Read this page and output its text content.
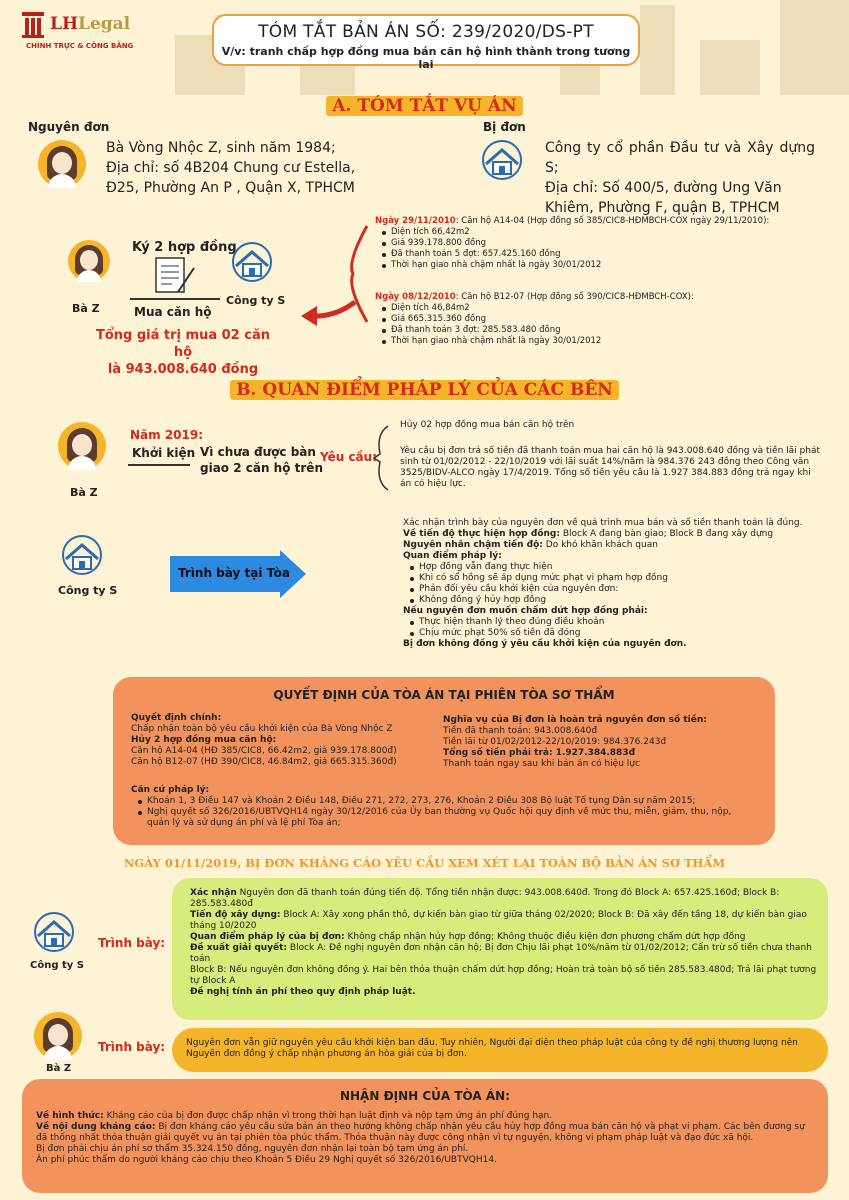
LHLegal
CHÍNH TRỰC & CÔNG BẰNG
TÓM TẮT BẢN ÁN SỐ: 239/2020/DS-PT
V/v: tranh chấp hợp đồng mua bán căn hộ hình thành trong tương lai
A. TÓM TẮT VỤ ÁN
Nguyên đơn
Bà Vòng Nhộc Z, sinh năm 1984;
Địa chỉ: số 4B204 Chung cư Estella,
Đ25, Phường An P , Quận X, TPHCM
Bị đơn
Công ty cổ phần Đầu tư và Xây dựng S;
Địa chỉ: Số 400/5, đường Ung Văn
Khiêm, Phường F, quận B, TPHCM
Ký 2 hợp đồng
Bà Z	Mua căn hộ
Công ty S
Tổng giá trị mua 02 căn hộ
là 943.008.640 đồng
Ngày 29/11/2010: Căn hộ A14-04 (Hợp đồng số 385/CIC8-HĐMBCH-COX ngày 29/11/2010):
Diện tích 66,42m2
Giá 939.178.800 đồng
Đã thanh toán 5 đợt: 657.425.160 đồng
Thời hạn giao nhà chậm nhất là ngày 30/01/2012
Ngày 08/12/2010: Căn hộ B12-07 (Hợp đồng số 390/CIC8-HĐMBCH-COX):
Diện tích 46,84m2
Giá 665.315.360 đồng
Đã thanh toán 3 đợt: 285.583.480 đồng
Thời hạn giao nhà chậm nhất là ngày 30/01/2012
B. QUAN ĐIỂM PHÁP LÝ CỦA CÁC BÊN
Bà Z
Năm 2019:
Khởi kiện Vì chưa được bàn
giao 2 căn hộ trên
Yêu cầu:
Hủy 02 hợp đồng mua bán căn hộ trên
Yêu cầu bị đơn trả số tiền đã thanh toán mua hai căn hộ là 943.008.640 đồng và tiền lãi phát sinh từ 01/02/2012 - 22/10/2019 với lãi suất 14%/năm là 984.376 243 đồng theo Công văn 3525/BIDV-ALCO ngày 17/4/2019. Tổng số tiền yêu cầu là 1.927 384.883 đồng trả ngay khi án có hiệu lực.
Công ty S
Trình bày tại Tòa
Xác nhận trình bày của nguyên đơn về quá trình mua bán và số tiền thanh toán là đúng.
Về tiến độ thực hiện hợp đồng: Block A đang bàn giao; Block B đang xây dựng
Nguyên nhân chậm tiến độ: Do khó khăn khách quan
Quan điểm pháp lý:
Hợp đồng vẫn đang thực hiện
Khi có sổ hồng sẽ áp dụng mức phạt vi phạm hợp đồng
Phản đối yêu cầu khởi kiện của nguyên đơn:
Không đồng ý hủy hợp đồng
Nếu nguyên đơn muốn chấm dứt hợp đồng phải:
Thực hiện thanh lý theo đúng điều khoản
Chịu mức phạt 50% số tiền đã đóng
Bị đơn không đồng ý yêu cầu khởi kiện của nguyên đơn.
QUYẾT ĐỊNH CỦA TÒA ÁN TẠI PHIÊN TÒA SƠ THẨM
Quyết định chính:
Chấp nhận toàn bộ yêu cầu khởi kiện của Bà Vòng Nhộc Z
Hủy 2 hợp đồng mua căn hộ:
Căn hộ A14-04 (HĐ 385/CIC8, 66.42m2, giá 939.178.800đ)
Căn hộ B12-07 (HĐ 390/CIC8, 46.84m2, giá 665.315.360đ)
Nghĩa vụ của Bị đơn là hoàn trả nguyên đơn số tiền:
Tiền đã thanh toán: 943.008.640đ
Tiền lãi từ 01/02/2012-22/10/2019: 984.376.243đ
Tổng số tiền phải trả: 1.927.384.883đ
Thanh toán ngay sau khi bản án có hiệu lực
Căn cứ pháp lý:
Khoản 1, 3 Điều 147 và Khoản 2 Điều 148, Điều 271, 272, 273, 276, Khoản 2 Điều 308 Bộ luật Tố tụng Dân sự năm 2015;
Nghị quyết số 326/2016/UBTVQH14 ngày 30/12/2016 của Ủy ban thường vụ Quốc hội quy định về mức thu, miễn, giảm, thu, nộp, quản lý và sử dụng án phí và lệ phí Tòa án;
NGÀY 01/11/2019, BỊ ĐƠN KHÁNG CÁO YÊU CẦU XEM XÉT LẠI TOÀN BỘ BẢN ÁN SƠ THẨM
Xác nhận Nguyên đơn đã thanh toán đúng tiến độ. Tổng tiền nhận được: 943.008.640đ. Trong đó Block A: 657.425.160đ; Block B: 285.583.480đ
Tiến độ xây dựng: Block A: Xây xong phần thô, dự kiến bàn giao từ giữa tháng 02/2020; Block B: Đã xây đến tầng 18, dự kiến bàn giao tháng 10/2020
Quan điểm pháp lý của bị đơn: Không chấp nhận hủy hợp đồng; Không thuộc điều kiện đơn phương chấm dứt hợp đồng
Đề xuất giải quyết: Block A: Đề nghị nguyên đơn nhận căn hộ; Bị đơn Chịu lãi phạt 10%/năm từ 01/02/2012; Cấn trừ số tiền chưa thanh toán
Block B: Nếu nguyên đơn không đồng ý. Hai bên thỏa thuận chấm dứt hợp đồng; Hoàn trả toàn bộ số tiền 285.583.480đ; Trả lãi phạt tương tự Block A
Đề nghị tính án phí theo quy định pháp luật.
Công ty S
Trình bày:
Nguyên đơn vẫn giữ nguyên yêu cầu khởi kiện ban đầu. Tuy nhiên, Người đại diện theo pháp luật của công ty đề nghị thương lượng nên Nguyên đơn đồng ý chấp nhận phương án hòa giải của bị đơn.
Bà Z
Trình bày:
NHẬN ĐỊNH CỦA TÒA ÁN:
Về hình thức: Kháng cáo của bị đơn được chấp nhận vì trong thời hạn luật định và nộp tạm ứng án phí đúng hạn.
Về nội dung kháng cáo: Bị đơn kháng cáo yêu cầu sửa bản án theo hướng không chấp nhận yêu cầu hủy hợp đồng mua bán căn hộ và phạt vi phạm. Các bên đương sự đã thống nhất thỏa thuận giải quyết vụ án tại phiên tòa phúc thẩm. Thỏa thuận này được công nhận vì tự nguyện, không vi phạm pháp luật và đạo đức xã hội.
Bị đơn phải chịu án phí sơ thẩm 35.324.150 đồng, nguyên đơn nhận lại toàn bộ tạm ứng án phí.
Án phí phúc thẩm do người kháng cáo chịu theo Khoản 5 Điều 29 Nghị quyết số 326/2016/UBTVQH14.
